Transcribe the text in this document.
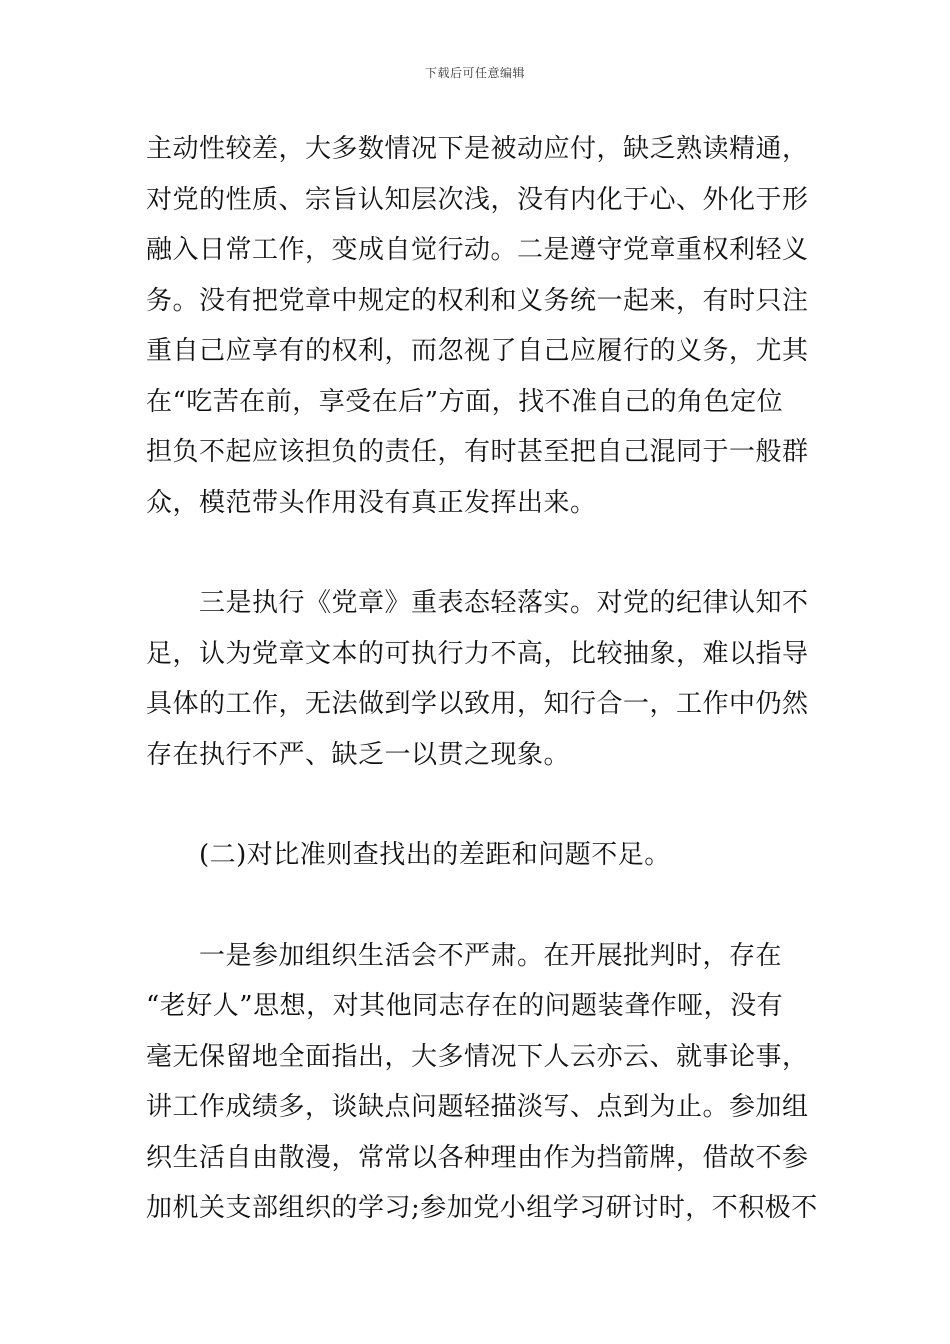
下载后可任意编辑
主动性较差，大多数情况下是被动应付，缺乏熟读精通，
对党的性质、宗旨认知层次浅，没有内化于心、外化于形
融入日常工作，变成自觉行动。二是遵守党章重权利轻义
务。没有把党章中规定的权利和义务统一起来，有时只注
重自己应享有的权利，而忽视了自己应履行的义务，尤其
在“吃苦在前，享受在后”方面，找不准自己的角色定位
担负不起应该担负的责任，有时甚至把自己混同于一般群
众，模范带头作用没有真正发挥出来。
三是执行《党章》重表态轻落实。对党的纪律认知不
足，认为党章文本的可执行力不高，比较抽象，难以指导
具体的工作，无法做到学以致用，知行合一，工作中仍然
存在执行不严、缺乏一以贯之现象。
(二)对比准则查找出的差距和问题不足。
一是参加组织生活会不严肃。在开展批判时，存在
“老好人”思想，对其他同志存在的问题装聋作哑，没有
毫无保留地全面指出，大多情况下人云亦云、就事论事，
讲工作成绩多，谈缺点问题轻描淡写、点到为止。参加组
织生活自由散漫，常常以各种理由作为挡箭牌，借故不参
加机关支部组织的学习;参加党小组学习研讨时，不积极不
